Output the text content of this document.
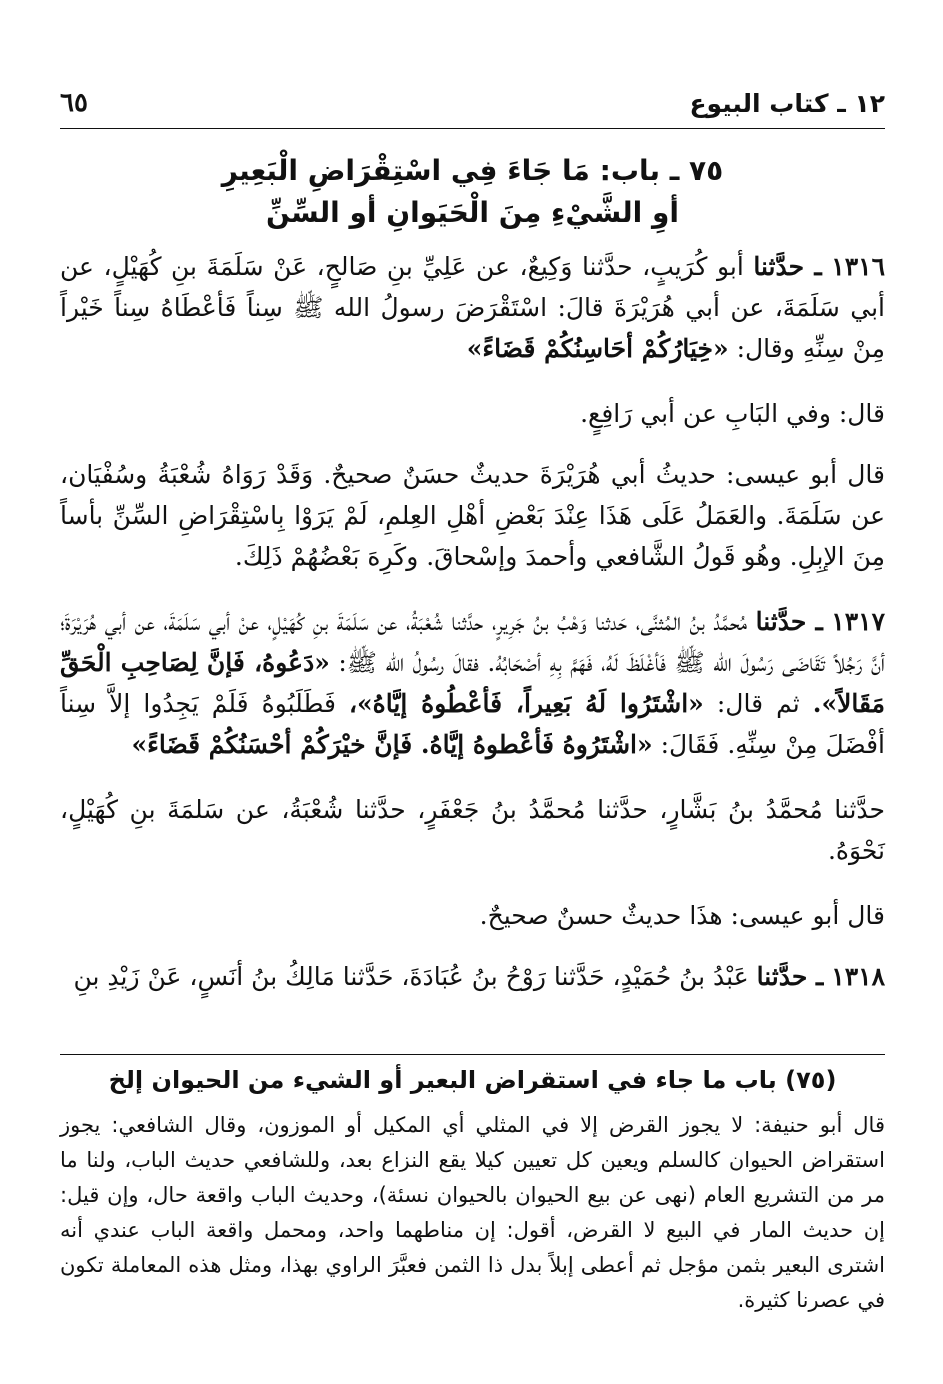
١٢ ـ كتاب البيوع
٦٥
٧٥ ـ باب: مَا جَاءَ فِي اسْتِقْرَاضِ الْبَعِيرِ
أوِ الشَّيْءِ مِنَ الْحَيَوانِ أو السِّنِّ

١٣١٦ ـ حدَّثنا أبو كُرَيبٍ، حدَّثنا وَكِيعٌ، عن عَلِيِّ بنِ صَالحٍ، عَنْ سَلَمَةَ بنِ كُهَيْلٍ، عن أبي سَلَمَةَ، عن أبي هُرَيْرَةَ قالَ: اسْتَقْرَضَ رسولُ الله ﷺ سِناً فَأعْطَاهُ سِناً خَيْراً مِنْ سِنِّهِ وقال: «خِيَارُكُمْ أحَاسِنُكُمْ قَضَاءً»

قال: وفي البَابِ عن أبي رَافِعٍ.

قال أبو عيسى: حديثُ أبي هُرَيْرَةَ حديثٌ حسَنٌ صحيحٌ. وَقَدْ رَوَاهُ شُعْبَةُ وسُفْيَان، عن سَلَمَةَ. والعَمَلُ عَلَى هَذَا عِنْدَ بَعْضِ أهْلِ العِلمِ، لَمْ يَرَوْا بِاسْتِقْرَاضِ السِّنِّ بأساً مِنَ الإبِلِ. وهُو قَولُ الشَّافعي وأحمدَ وإسْحاقَ. وكَرِهَ بَعْضُهُمْ ذَلِكَ.

١٣١٧ ـ حدَّثنا مُحمَّدُ بنُ المُثنَّى، حَدثنا وَهْبُ بنُ جَرِيرٍ، حدَّثنا شُعْبَةُ، عن سَلَمَةَ بنِ كُهَيْلٍ، عنْ أبي سَلَمَةَ، عن أبي هُرَيْرَةَ؛ أنَّ رَجُلاً تَقَاضَى رَسُولَ الله ﷺ فَأغْلَظَ لَهُ، فَهَمَّ بِهِ أصْحَابُهُ. فقالَ رسُولُ الله ﷺ: «دَعُوهُ، فَإنَّ لِصَاحِبِ الْحَقِّ مَقَالاً». ثم قال: «اشْتَرُوا لَهُ بَعِيراً، فَأعْطُوهُ إيَّاهُ»، فَطَلَبُوهُ فَلَمْ يَجِدُوا إلاَّ سِناً أفْضَلَ مِنْ سِنِّهِ. فَقَالَ: «اشْتَرُوهُ فَأعْطوهُ إيَّاهُ. فَإنَّ خيْرَكُمْ أحْسَنُكُمْ قَضَاءً»

حدَّثنا مُحمَّدُ بنُ بَشَّارٍ، حدَّثنا مُحمَّدُ بنُ جَعْفَرٍ، حدَّثنا شُعْبَةُ، عن سَلمَةَ بنِ كُهَيْلٍ، نَحْوَهُ.

قال أبو عيسى: هذَا حديثٌ حسنٌ صحيحٌ.

١٣١٨ ـ حدَّثنا عَبْدُ بنُ حُمَيْدٍ، حَدَّثنا رَوْحُ بنُ عُبَادَةَ، حَدَّثنا مَالِكُ بنُ أنَسٍ، عَنْ زَيْدِ بنِ

(٧٥) باب ما جاء في استقراض البعير أو الشيء من الحيوان إلخ

قال أبو حنيفة: لا يجوز القرض إلا في المثلي أي المكيل أو الموزون، وقال الشافعي: يجوز استقراض الحيوان كالسلم ويعين كل تعيين كيلا يقع النزاع بعد، وللشافعي حديث الباب، ولنا ما مر من التشريع العام (نهى عن بيع الحيوان بالحيوان نسئة)، وحديث الباب واقعة حال، وإن قيل: إن حديث المار في البيع لا القرض، أقول: إن مناطهما واحد، ومحمل واقعة الباب عندي أنه اشترى البعير بثمن مؤجل ثم أعطى إبلاً بدل ذا الثمن فعبَّرَ الراوي بهذا، ومثل هذه المعاملة تكون في عصرنا كثيرة.
